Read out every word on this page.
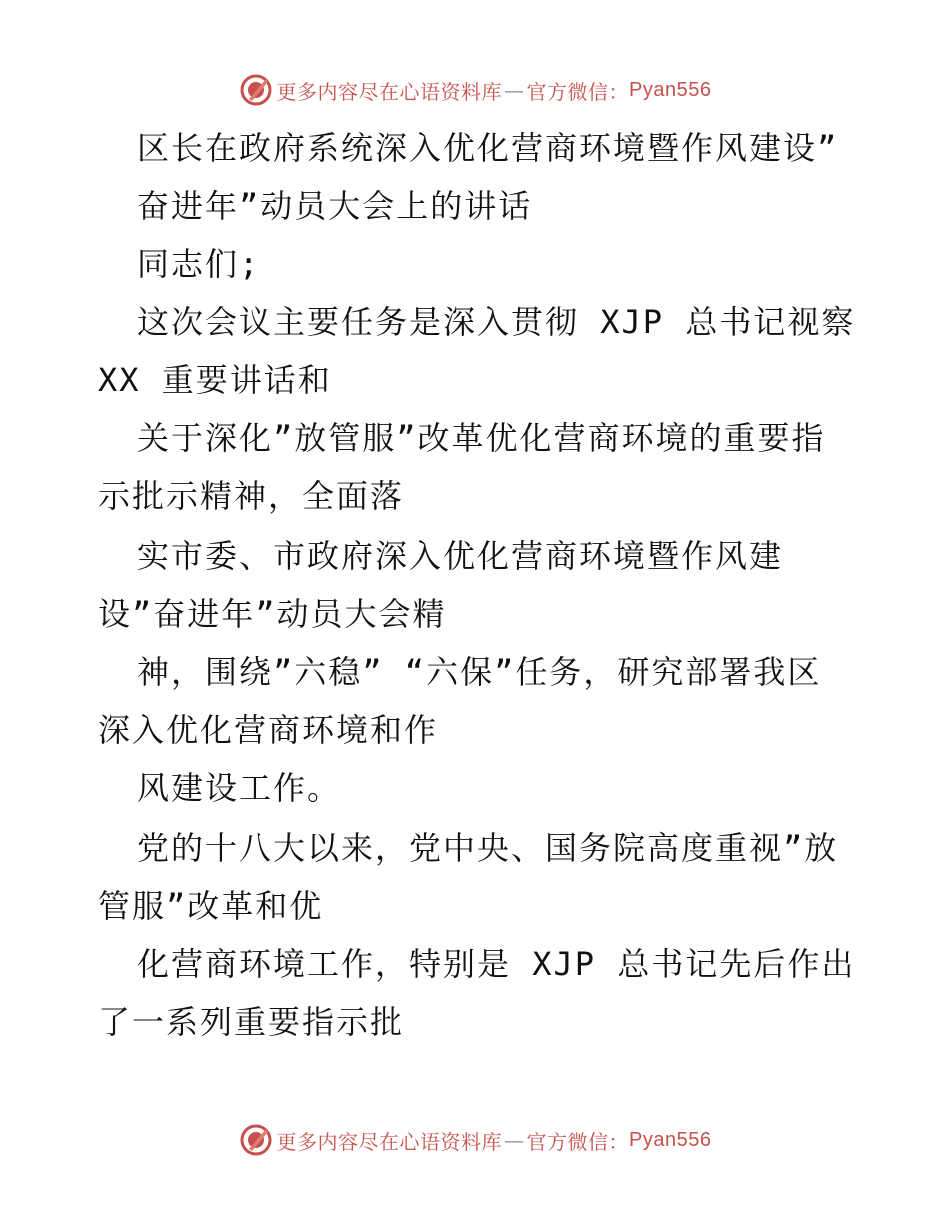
更多内容尽在心语资料库 — 官方微信： Pyan556
区长在政府系统深入优化营商环境暨作风建设”
奋进年”动员大会上的讲话
同志们;
这次会议主要任务是深入贯彻 XJP 总书记视察
XX 重要讲话和
关于深化”放管服”改革优化营商环境的重要指
示批示精神，全面落
实市委、市政府深入优化营商环境暨作风建
设”奋进年”动员大会精
神，围绕”六稳” “六保”任务，研究部署我区
深入优化营商环境和作
风建设工作。
党的十八大以来，党中央、国务院高度重视”放
管服”改革和优
化营商环境工作，特别是 XJP 总书记先后作出
了一系列重要指示批
更多内容尽在心语资料库 — 官方微信： Pyan556
